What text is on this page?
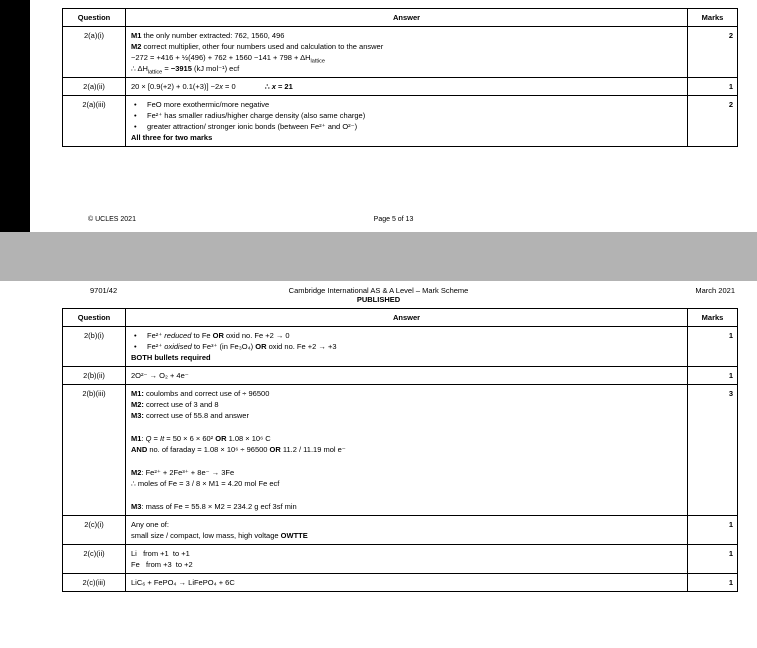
Question	Answer	Marks
2(a)(i)	M1 the only number extracted: 762, 1560, 496
M2 correct multiplier, other four numbers used and calculation to the answer
−272 = +416 + ½(496) + $762 + 1560 -141 + 798 + \Delta H_{lattice}$
∴ $\Delta H_{lattice} = -3915$ (kJ mol⁻¹) ecf	2
2(a)(ii)	20 × [0.9(+2) + 0.1(+3)] −2x = 0 ∴ x = 21	1
2(a)(iii)	• FeO more exothermic/more negative
• Fe²⁺ has smaller radius/higher charge density (also same charge)
• greater attraction/ stronger ionic bonds (between Fe²⁺ and O²⁻)
All three for two marks
	2
© UCLES 2021	Page 5 of 13
9701/42	Cambridge International AS & A Level – Mark Scheme
PUBLISHED
March 2021
Question	Answer	Marks
2(b)(i)	• Fe²⁺ reduced to Fe OR oxid no. Fe +2 → 0
• Fe²⁺ oxidised to Fe³⁺ (in Fe₃O₄) OR oxid no. Fe +2 → +3
BOTH bullets required	1
2(b)(ii)	2O²⁻ → O₂ + 4e⁻	1
2(b)(iii)	M1: coulombs and correct use of ÷ 96500
M2: correct use of 3 and 8
M3: correct use of 55.8 and answer

M1: Q = It = 50 × 6 × 60² OR 1.08 × 10⁶ C
AND no. of faraday = 1.08 × 10⁶ ÷ 96500 OR 11.2 / 11.19 mol e⁻

M2: Fe²⁺ + 2Fe³⁺ + 8e⁻ → 3Fe
∴ moles of Fe = 3 / 8 × M1 = 4.20 mol Fe ecf

M3: mass of Fe = 55.8 × M2 = 234.2 g ecf 3sf min
	3
2(c)(i)	Any one of:
small size / compact, low mass, high voltage OWTTE	1
2(c)(ii)	Li   from +1  to +1
Fe   from +3  to +2	1
2(c)(iii)	LiC₆ + FePO₄ → LiFePO₄ + 6C	1
